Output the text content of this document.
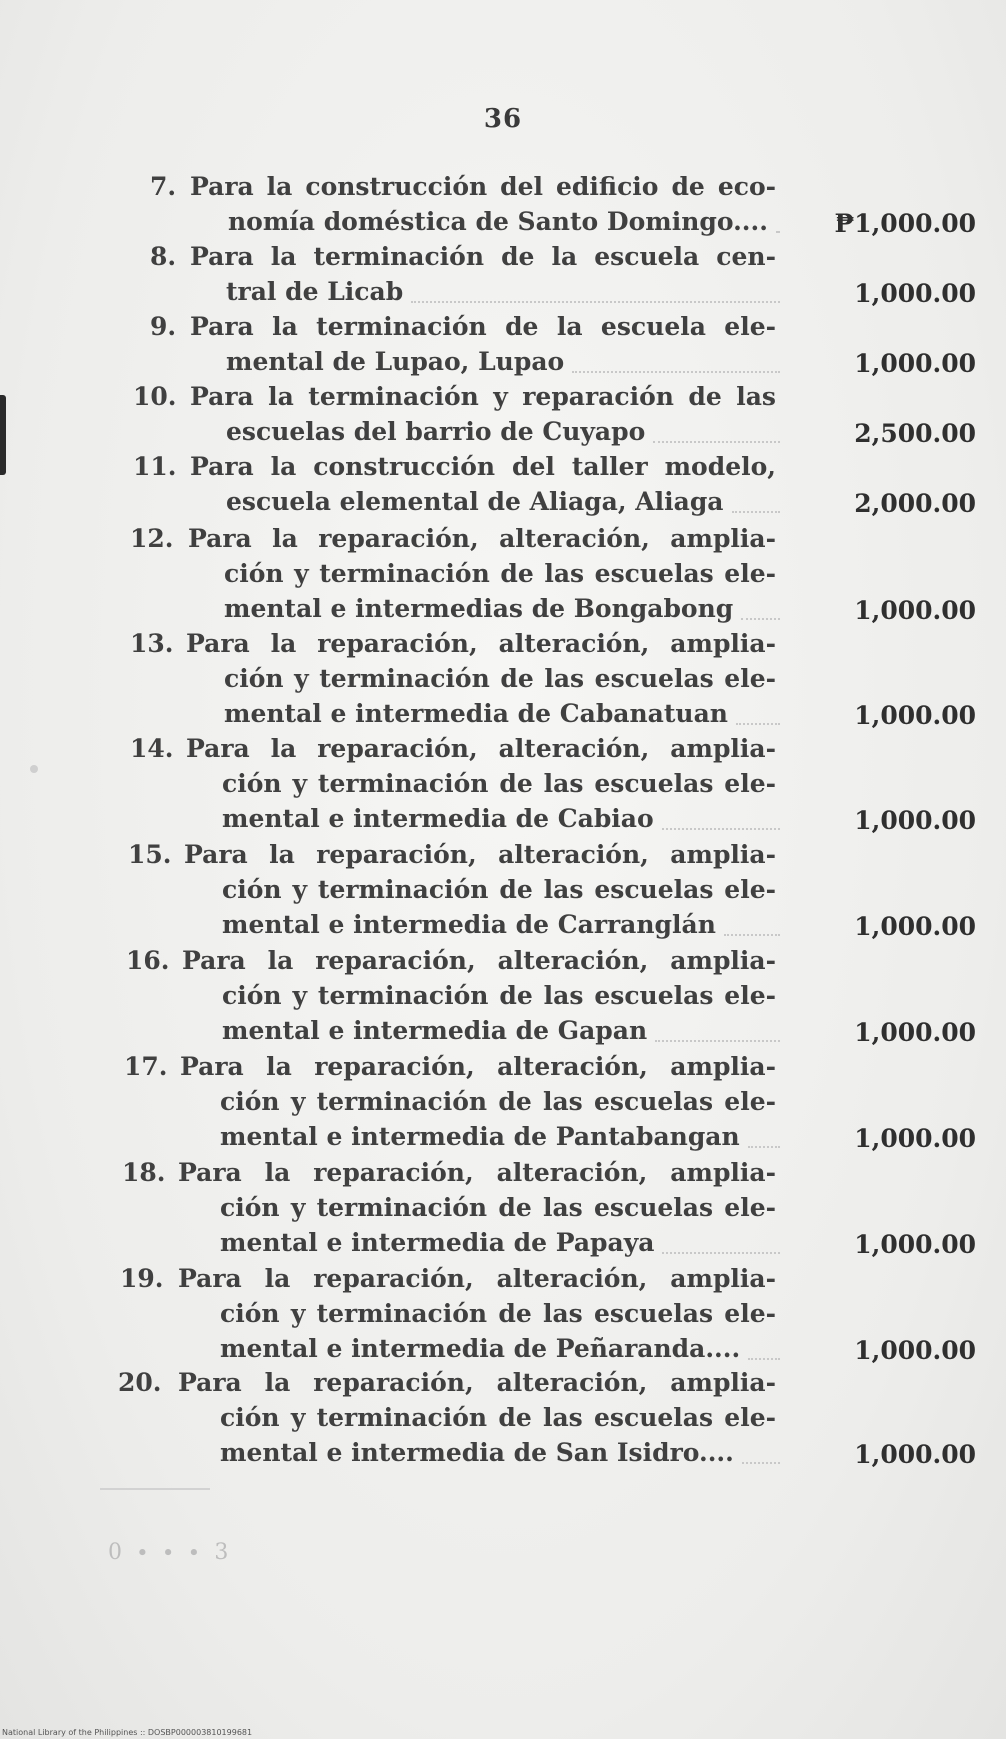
36
7. Para la construcción del edificio de eco-
nomía doméstica de Santo Domingo....	₱1,000.00
8. Para la terminación de la escuela cen-
tral de Licab	1,000.00
9. Para la terminación de la escuela ele-
mental de Lupao, Lupao	1,000.00
10. Para la terminación y reparación de las
escuelas del barrio de Cuyapo	2,500.00
11. Para la construcción del taller modelo,
escuela elemental de Aliaga, Aliaga	2,000.00
12. Para la reparación, alteración, amplia-
ción y terminación de las escuelas ele-
mental e intermedias de Bongabong	1,000.00
13. Para la reparación, alteración, amplia-
ción y terminación de las escuelas ele-
mental e intermedia de Cabanatuan	1,000.00
14. Para la reparación, alteración, amplia-
ción y terminación de las escuelas ele-
mental e intermedia de Cabiao	1,000.00
15. Para la reparación, alteración, amplia-
ción y terminación de las escuelas ele-
mental e intermedia de Carranglán	1,000.00
16. Para la reparación, alteración, amplia-
ción y terminación de las escuelas ele-
mental e intermedia de Gapan	1,000.00
17. Para la reparación, alteración, amplia-
ción y terminación de las escuelas ele-
mental e intermedia de Pantabangan	1,000.00
18. Para la reparación, alteración, amplia-
ción y terminación de las escuelas ele-
mental e intermedia de Papaya	1,000.00
19. Para la reparación, alteración, amplia-
ción y terminación de las escuelas ele-
mental e intermedia de Peñaranda....	1,000.00
20. Para la reparación, alteración, amplia-
ción y terminación de las escuelas ele-
mental e intermedia de San Isidro....	1,000.00
0 ∙ ∙ ∙ 3
National Library of the Philippines :: DOSBP000003810199681
